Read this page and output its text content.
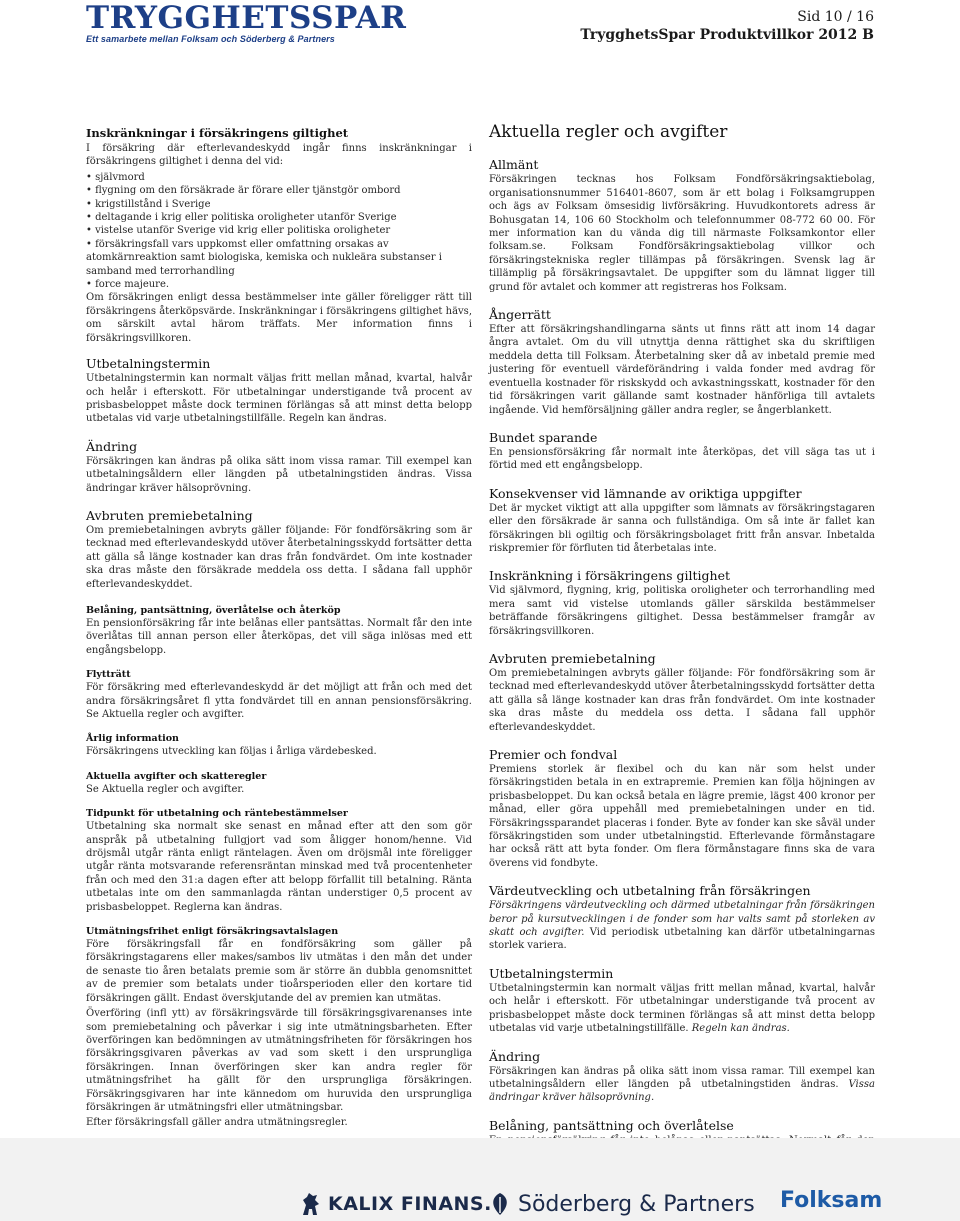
TRYGGHETSSPAR
Ett samarbete mellan Folksam och Söderberg & Partners
Sid 10 / 16
TrygghetsSpar Produktvillkor 2012 B
Inskränkningar i försäkringens giltighet

I försäkring där efterlevandeskydd ingår finns inskränkningar i försäkringens giltighet i denna del vid:

• självmord
• flygning om den försäkrade är förare eller tjänstgör ombord
• krigstillstånd i Sverige
• deltagande i krig eller politiska oroligheter utanför Sverige
• vistelse utanför Sverige vid krig eller politiska oroligheter
• försäkringsfall vars uppkomst eller omfattning orsakas av atomkärnreaktion samt biologiska, kemiska och nukleära substanser i samband med terrorhandling
• force majeure.

Om försäkringen enligt dessa bestämmelser inte gäller föreligger rätt till försäkringens återköpsvärde. Inskränkningar i försäkringens giltighet hävs, om särskilt avtal härom träffats. Mer information finns i försäkringsvillkoren.

Utbetalningstermin

Utbetalningstermin kan normalt väljas fritt mellan månad, kvartal, halvår och helår i efterskott. För utbetalningar understigande två procent av prisbasbeloppet måste dock terminen förlängas så att minst detta belopp utbetalas vid varje utbetalningstillfälle. Regeln kan ändras.

Ändring

Försäkringen kan ändras på olika sätt inom vissa ramar. Till exempel kan utbetalningsåldern eller längden på utbetalningstiden ändras. Vissa ändringar kräver hälsoprövning.

Avbruten premiebetalning

Om premiebetalningen avbryts gäller följande: För fondförsäkring som är tecknad med efterlevandeskydd utöver återbetalningsskydd fortsätter detta att gälla så länge kostnader kan dras från fondvärdet. Om inte kostnader ska dras måste den försäkrade meddela oss detta. I sådana fall upphör efterlevandeskyddet.

Belåning, pantsättning, överlåtelse och återköp

En pensionförsäkring får inte belånas eller pantsättas. Normalt får den inte överlåtas till annan person eller återköpas, det vill säga inlösas med ett engångsbelopp.

Flytträtt

För försäkring med efterlevandeskydd är det möjligt att från och med det andra försäkringsåret fl ytta fondvärdet till en annan pensionsförsäkring. Se Aktuella regler och avgifter.

Årlig information

Försäkringens utveckling kan följas i årliga värdebesked.

Aktuella avgifter och skatteregler

Se Aktuella regler och avgifter.

Tidpunkt för utbetalning och räntebestämmelser

Utbetalning ska normalt ske senast en månad efter att den som gör anspråk på utbetalning fullgjort vad som åligger honom/henne. Vid dröjsmål utgår ränta enligt räntelagen. Även om dröjsmål inte föreligger utgår ränta motsvarande referensräntan minskad med två procentenheter från och med den 31:a dagen efter att belopp förfallit till betalning. Ränta utbetalas inte om den sammanlagda räntan understiger 0,5 procent av prisbasbeloppet. Reglerna kan ändras.

Utmätningsfrihet enligt försäkringsavtalslagen

Före försäkringsfall får en fondförsäkring som gäller på försäkringstagarens eller makes/sambos liv utmätas i den mån det under de senaste tio åren betalats premie som är större än dubbla genomsnittet av de premier som betalats under tioårsperioden eller den kortare tid försäkringen gällt. Endast överskjutande del av premien kan utmätas.

Överföring (infl ytt) av försäkringsvärde till försäkringsgivarenanses inte som premiebetalning och påverkar i sig inte utmätningsbarheten. Efter överföringen kan bedömningen av utmätningsfriheten för försäkringen hos försäkringsgivaren påverkas av vad som skett i den ursprungliga försäkringen. Innan överföringen sker kan andra regler för utmätningsfrihet ha gällt för den ursprungliga försäkringen. Försäkringsgivaren har inte kännedom om huruvida den ursprungliga försäkringen är utmätningsfri eller utmätningsbar.

Efter försäkringsfall gäller andra utmätningsregler.

Aktuella regler och avgifter
Allmänt

Försäkringen tecknas hos Folksam Fondförsäkringsaktiebolag, organisationsnummer 516401-8607, som är ett bolag i Folksamgruppen och ägs av Folksam ömsesidig livförsäkring. Huvudkontorets adress är Bohusgatan 14, 106 60 Stockholm och telefonnummer 08-772 60 00. För mer information kan du vända dig till närmaste Folksamkontor eller folksam.se. Folksam Fondförsäkringsaktiebolag villkor och försäkringstekniska regler tillämpas på försäkringen. Svensk lag är tillämplig på försäkringsavtalet. De uppgifter som du lämnat ligger till grund för avtalet och kommer att registreras hos Folksam.

Ångerrätt

Efter att försäkringshandlingarna sänts ut finns rätt att inom 14 dagar ångra avtalet. Om du vill utnyttja denna rättighet ska du skriftligen meddela detta till Folksam. Återbetalning sker då av inbetald premie med justering för eventuell värdeförändring i valda fonder med avdrag för eventuella kostnader för riskskydd och avkastningsskatt, kostnader för den tid försäkringen varit gällande samt kostnader hänförliga till avtalets ingående. Vid hemförsäljning gäller andra regler, se ångerblankett.

Bundet sparande

En pensionsförsäkring får normalt inte återköpas, det vill säga tas ut i förtid med ett engångsbelopp.

Konsekvenser vid lämnande av oriktiga uppgifter

Det är mycket viktigt att alla uppgifter som lämnats av försäkringstagaren eller den försäkrade är sanna och fullständiga. Om så inte är fallet kan försäkringen bli ogiltig och försäkringsbolaget fritt från ansvar. Inbetalda riskpremier för förfluten tid återbetalas inte.

Inskränkning i försäkringens giltighet

Vid självmord, flygning, krig, politiska oroligheter och terrorhandling med mera samt vid vistelse utomlands gäller särskilda bestämmelser beträffande försäkringens giltighet. Dessa bestämmelser framgår av försäkringsvillkoren.

Avbruten premiebetalning

Om premiebetalningen avbryts gäller följande: För fondförsäkring som är tecknad med efterlevandeskydd utöver återbetalningsskydd fortsätter detta att gälla så länge kostnader kan dras från fondvärdet. Om inte kostnader ska dras måste du meddela oss detta. I sådana fall upphör efterlevandeskyddet.

Premier och fondval

Premiens storlek är flexibel och du kan när som helst under försäkringstiden betala in en extrapremie. Premien kan följa höjningen av prisbasbeloppet. Du kan också betala en lägre premie, lägst 400 kronor per månad, eller göra uppehåll med premiebetalningen under en tid. Försäkringssparandet placeras i fonder. Byte av fonder kan ske såväl under försäkringstiden som under utbetalningstid. Efterlevande förmånstagare har också rätt att byta fonder. Om flera förmånstagare finns ska de vara överens vid fondbyte.

Värdeutveckling och utbetalning från försäkringen

Försäkringens värdeutveckling och därmed utbetalningar från försäkringen beror på kursutvecklingen i de fonder som har valts samt på storleken av skatt och avgifter. Vid periodisk utbetalning kan därför utbetalningarnas storlek variera.

Utbetalningstermin

Utbetalningstermin kan normalt väljas fritt mellan månad, kvartal, halvår och helår i efterskott. För utbetalningar understigande två procent av prisbasbeloppet måste dock terminen förlängas så att minst detta belopp utbetalas vid varje utbetalningstillfälle. Regeln kan ändras.

Ändring

Försäkringen kan ändras på olika sätt inom vissa ramar. Till exempel kan utbetalningsåldern eller längden på utbetalningstiden ändras. Vissa ändringar kräver hälsoprövning.

Belåning, pantsättning och överlåtelse

KALIX FINANS. Söderberg & Partners Folksam
